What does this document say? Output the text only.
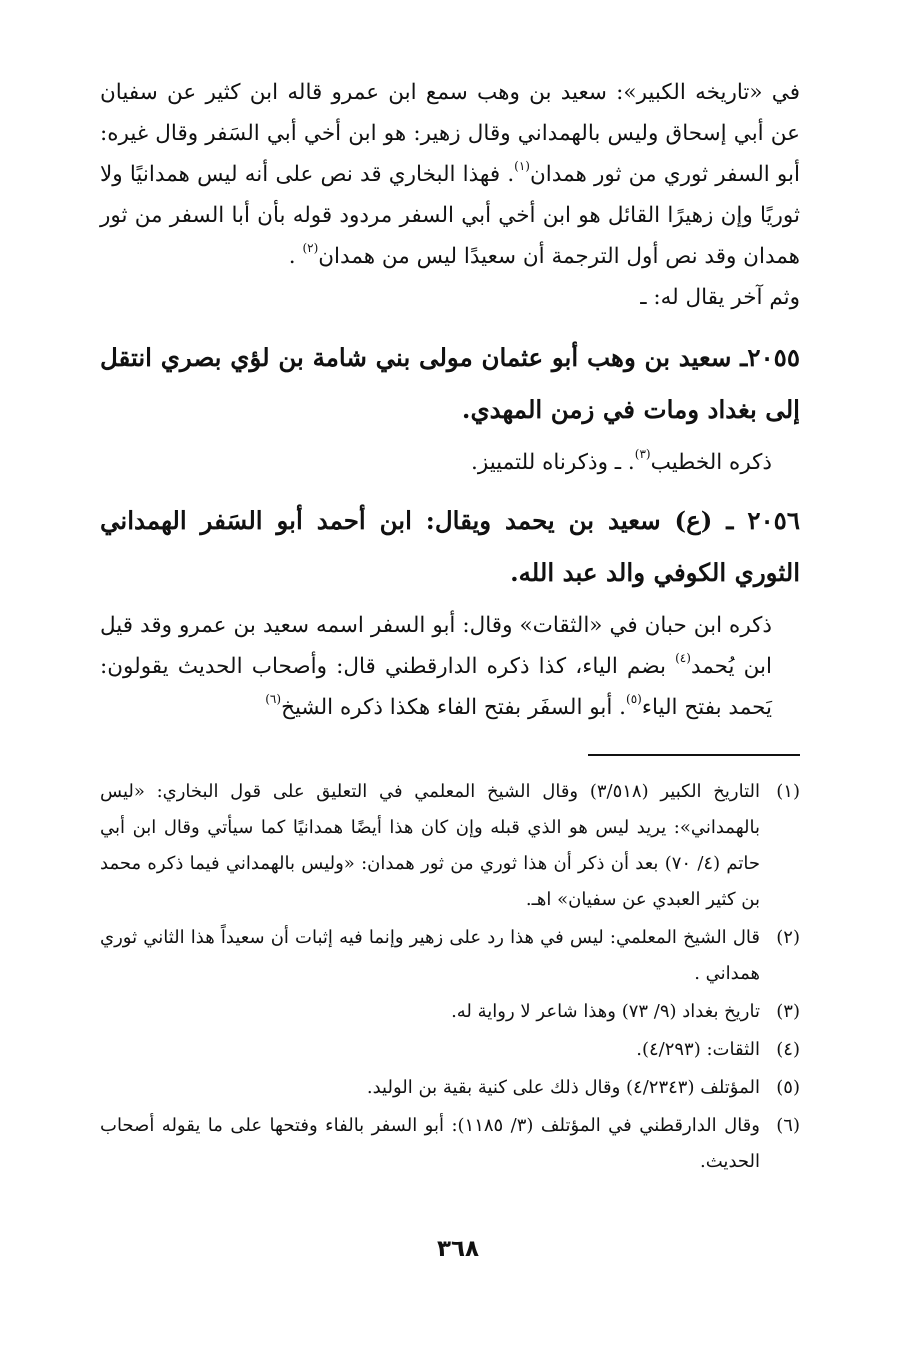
في «تاريخه الكبير»: سعيد بن وهب سمع ابن عمرو قاله ابن كثير عن سفيان عن أبي إسحاق وليس بالهمداني وقال زهير: هو ابن أخي أبي السَفر وقال غيره: أبو السفر ثوري من ثور همدان$^{(١)}$. فهذا البخاري قد نص على أنه ليس همدانيًا ولا ثوريًا وإن زهيرًا القائل هو ابن أخي أبي السفر مردود قوله بأن أبا السفر من ثور همدان وقد نص أول الترجمة أن سعيدًا ليس من همدان$^{(٢)}$ .
وثم آخر يقال له: ـ

٢٠٥٥ـ سعيد بن وهب أبو عثمان مولى بني شامة بن لؤي بصري انتقل إلى بغداد ومات في زمن المهدي.

ذكره الخطيب$^{(٣)}$. ـ وذكرناه للتمييز.

٢٠٥٦ ـ (ع) سعيد بن يحمد ويقال: ابن أحمد أبو السَفر الهمداني الثوري الكوفي والد عبد الله.

ذكره ابن حبان في «الثقات» وقال: أبو السفر اسمه سعيد بن عمرو وقد قيل ابن يُحمد$^{(٤)}$ بضم الياء، كذا ذكره الدارقطني قال: وأصحاب الحديث يقولون: يَحمد بفتح الياء$^{(٥)}$. أبو السفَر بفتح الفاء هكذا ذكره الشيخ$^{(٦)}$

(١)
التاريخ الكبير (٣/٥١٨) وقال الشيخ المعلمي في التعليق على قول البخاري: «ليس بالهمداني»: يريد ليس هو الذي قبله وإن كان هذا أيضًا همدانيًا كما سيأتي وقال ابن أبي حاتم (٤/ ٧٠) بعد أن ذكر أن هذا ثوري من ثور همدان: «وليس بالهمداني فيما ذكره محمد بن كثير العبدي عن سفيان» اهـ.

(٢)
قال الشيخ المعلمي: ليس في هذا رد على زهير وإنما فيه إثبات أن سعيداً هذا الثاني ثوري همداني .

(٣)
تاريخ بغداد (٩/ ٧٣) وهذا شاعر لا رواية له.

(٤)
الثقات: (٤/٢٩٣).

(٥)
المؤتلف (٤/٢٣٤٣) وقال ذلك على كنية بقية بن الوليد.

(٦)
وقال الدارقطني في المؤتلف (٣/ ١١٨٥): أبو السفر بالفاء وفتحها على ما يقوله أصحاب الحديث.

٣٦٨
